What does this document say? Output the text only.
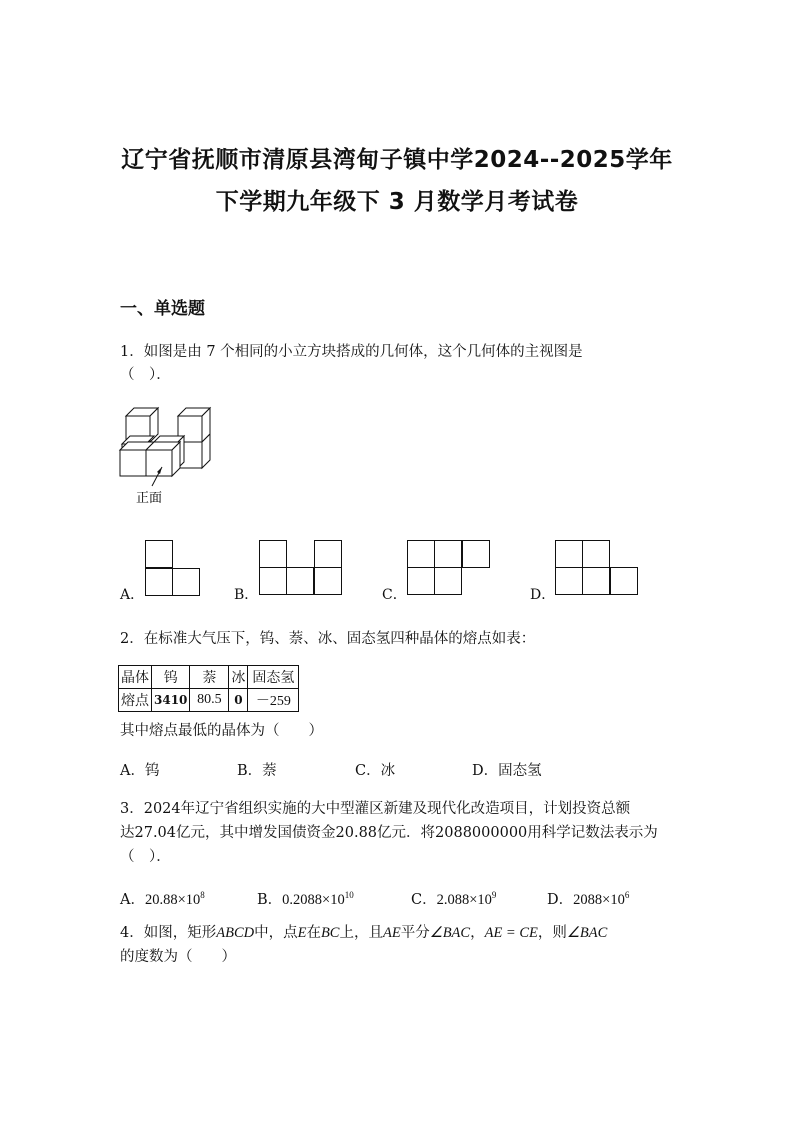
辽宁省抚顺市清原县湾甸子镇中学2024--2025学年
下学期九年级下 3 月数学月考试卷
一、单选题
1．如图是由 7 个相同的小立方块搭成的几何体，这个几何体的主视图是
（　）．
正面
A．	B．	C．	D．
2．在标准大气压下，钨、萘、冰、固态氢四种晶体的熔点如表：
晶体	钨	萘	冰	固态氢
熔点	3410	80.5	0	－259
其中熔点最低的晶体为（　　）
A．钨	B．萘	C．冰	D．固态氢
3．2024年辽宁省组织实施的大中型灌区新建及现代化改造项目，计划投资总额
达27.04亿元，其中增发国债资金20.88亿元．将2088000000用科学记数法表示为
（　）．
A．$20.88\times 10^8$	B．$0.2088\times 10^{10}$	C．$2.088\times 10^9$	D．$2088\times 10^6$
4．如图，矩形ABCD中，点E在BC上，且AE平分∠BAC，AE = CE，则∠BAC
的度数为（　　）
